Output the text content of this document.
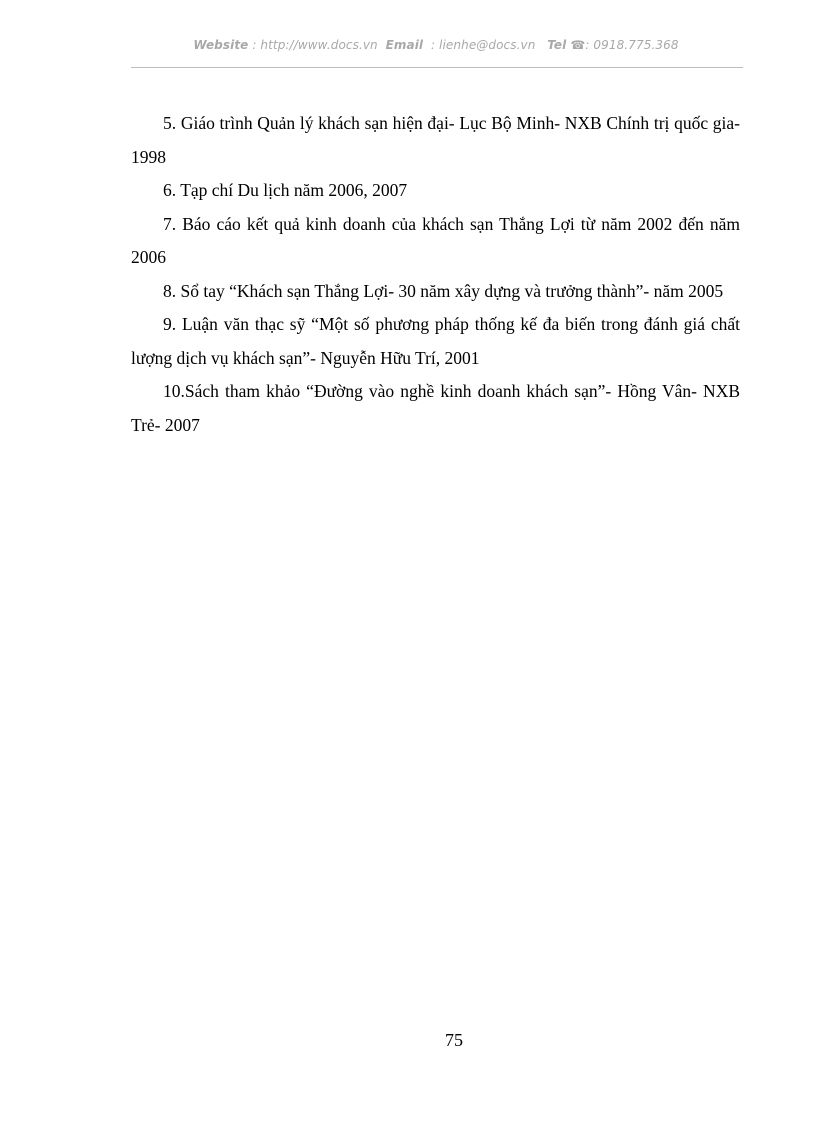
Website : http://www.docs.vn Email : lienhe@docs.vn Tel ☎: 0918.775.368
5. Giáo trình Quản lý khách sạn hiện đại- Lục Bộ Minh- NXB Chính trị quốc gia- 1998
6. Tạp chí Du lịch năm 2006, 2007
7. Báo cáo kết quả kinh doanh của khách sạn Thắng Lợi từ năm 2002 đến năm 2006
8. Sổ tay “Khách sạn Thắng Lợi- 30 năm xây dựng và trưởng thành”- năm 2005
9. Luận văn thạc sỹ “Một số phương pháp thống kế đa biến trong đánh giá chất lượng dịch vụ khách sạn”- Nguyễn Hữu Trí, 2001
10.Sách tham khảo “Đường vào nghề kinh doanh khách sạn”- Hồng Vân- NXB Trẻ- 2007
75
